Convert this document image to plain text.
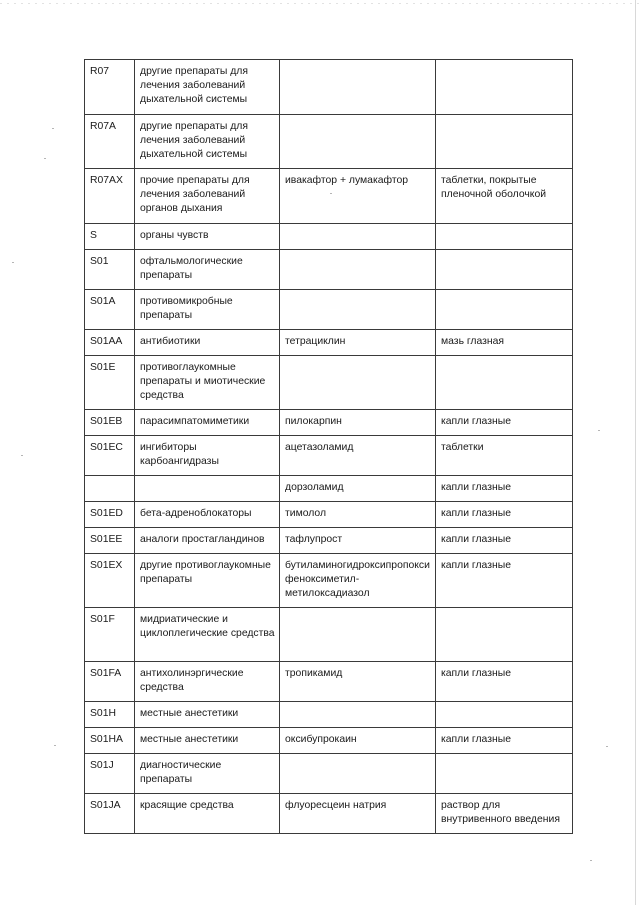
R07	другие препараты для лечения заболеваний дыхательной системы		
R07A	другие препараты для лечения заболеваний дыхательной системы		
R07AX	прочие препараты для лечения заболеваний органов дыхания	ивакафтор + лумакафтор	таблетки, покрытые пленочной оболочкой
S	органы чувств		
S01	офтальмологические препараты		
S01A	противомикробные препараты		
S01AA	антибиотики	тетрациклин	мазь глазная
S01E	противоглаукомные препараты и миотические средства		
S01EB	парасимпатомиметики	пилокарпин	капли глазные
S01EC	ингибиторы карбоангидразы	ацетазоламид	таблетки
		дорзоламид	капли глазные
S01ED	бета-адреноблокаторы	тимолол	капли глазные
S01EE	аналоги простагландинов	тафлупрост	капли глазные
S01EX	другие противоглаукомные препараты	бутиламиногидроксипропоксифеноксиметил-метилоксадиазол	капли глазные
S01F	мидриатические и циклоплегические средства		
S01FA	антихолинэргические средства	тропикамид	капли глазные
S01H	местные анестетики		
S01HA	местные анестетики	оксибупрокаин	капли глазные
S01J	диагностические препараты		
S01JA	красящие средства	флуоресцеин натрия	раствор для внутривенного введения
